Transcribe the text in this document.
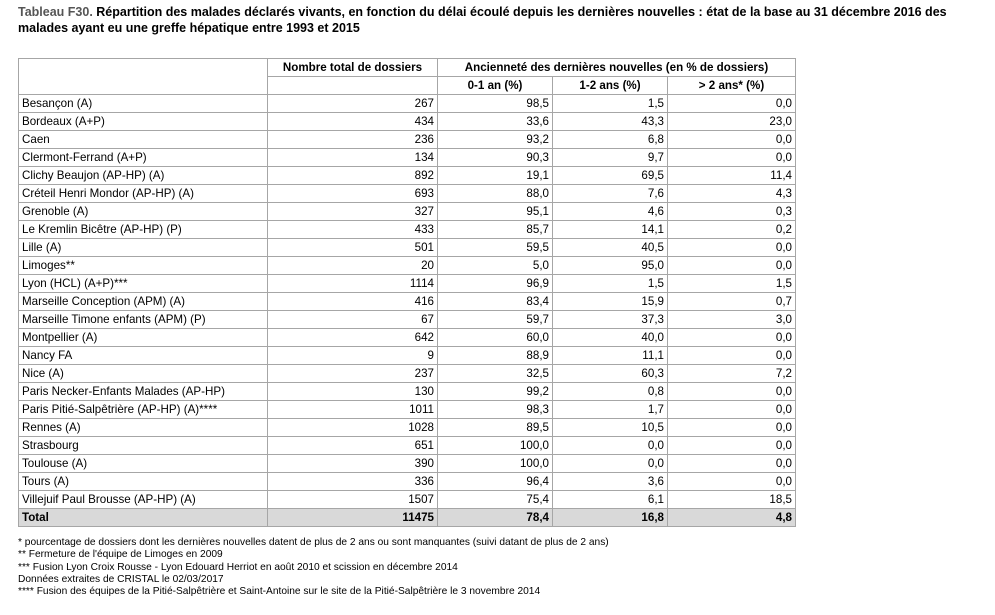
Tableau F30. Répartition des malades déclarés vivants, en fonction du délai écoulé depuis les dernières nouvelles : état de la base au 31 décembre 2016 des malades ayant eu une greffe hépatique entre 1993 et 2015

	Nombre total de dossiers	Ancienneté des dernières nouvelles (en % de dossiers)		
		0-1 an (%)	1-2 ans (%)	> 2 ans* (%)
Besançon (A)	267	98,5	1,5	0,0
Bordeaux (A+P)	434	33,6	43,3	23,0
Caen	236	93,2	6,8	0,0
Clermont-Ferrand (A+P)	134	90,3	9,7	0,0
Clichy Beaujon (AP-HP) (A)	892	19,1	69,5	11,4
Créteil Henri Mondor (AP-HP) (A)	693	88,0	7,6	4,3
Grenoble (A)	327	95,1	4,6	0,3
Le Kremlin Bicêtre (AP-HP) (P)	433	85,7	14,1	0,2
Lille (A)	501	59,5	40,5	0,0
Limoges**	20	5,0	95,0	0,0
Lyon (HCL) (A+P)***	1114	96,9	1,5	1,5
Marseille Conception (APM) (A)	416	83,4	15,9	0,7
Marseille Timone enfants (APM) (P)	67	59,7	37,3	3,0
Montpellier (A)	642	60,0	40,0	0,0
Nancy FA	9	88,9	11,1	0,0
Nice (A)	237	32,5	60,3	7,2
Paris Necker-Enfants Malades (AP-HP)	130	99,2	0,8	0,0
Paris Pitié-Salpêtrière (AP-HP) (A)****	1011	98,3	1,7	0,0
Rennes (A)	1028	89,5	10,5	0,0
Strasbourg	651	100,0	0,0	0,0
Toulouse (A)	390	100,0	0,0	0,0
Tours (A)	336	96,4	3,6	0,0
Villejuif Paul Brousse (AP-HP) (A)	1507	75,4	6,1	18,5
Total	11475	78,4	16,8	4,8
* pourcentage de dossiers dont les dernières nouvelles datent de plus de 2 ans ou sont manquantes (suivi datant de plus de 2 ans)
** Fermeture de l'équipe de Limoges en 2009
*** Fusion Lyon Croix Rousse - Lyon Edouard Herriot en août 2010 et scission en décembre 2014
Données extraites de CRISTAL le 02/03/2017
**** Fusion des équipes de la Pitié-Salpêtrière et Saint-Antoine sur le site de la Pitié-Salpêtrière le 3 novembre 2014
